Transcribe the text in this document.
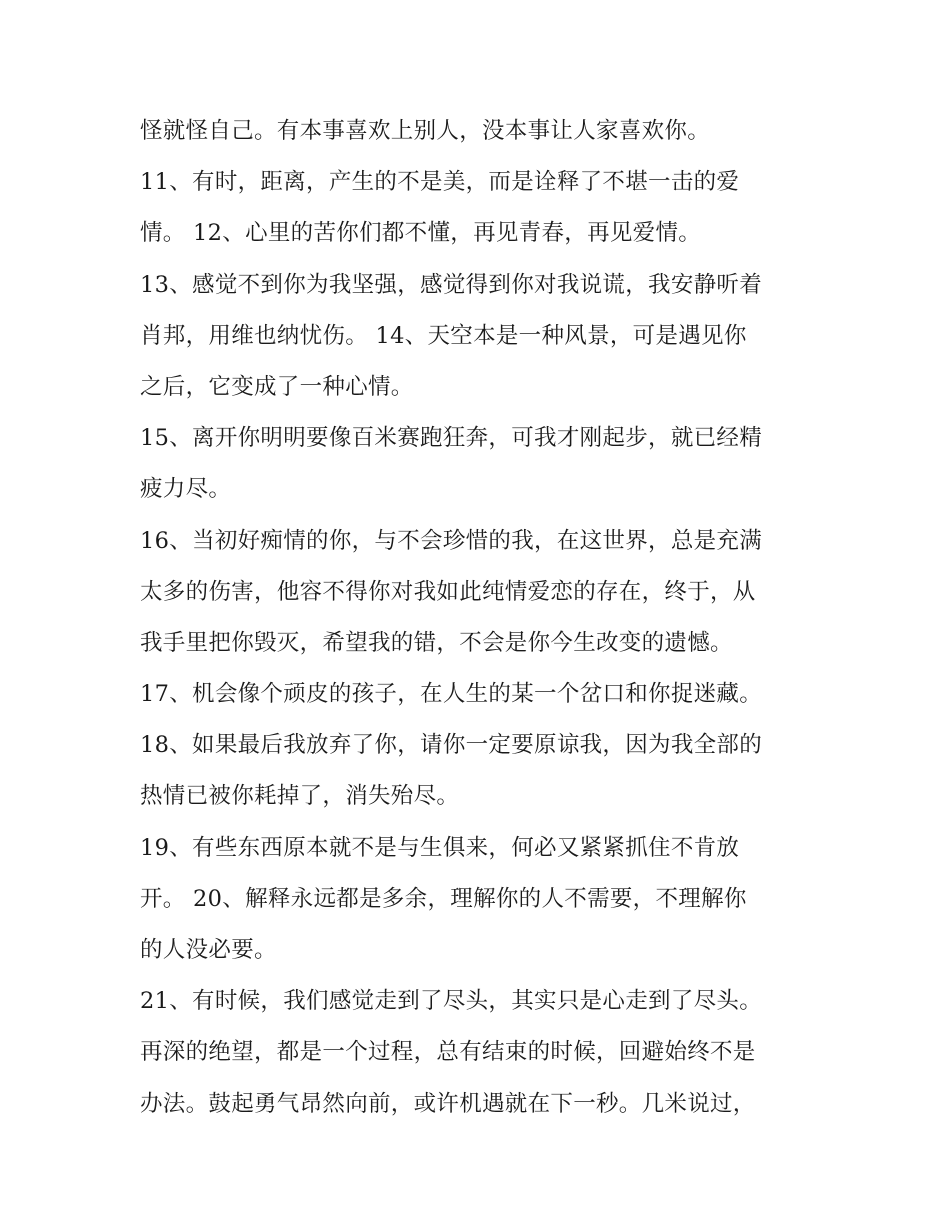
怪就怪自己。有本事喜欢上别人，没本事让人家喜欢你。
11、有时，距离，产生的不是美，而是诠释了不堪一击的爱
情。 12、心里的苦你们都不懂，再见青春，再见爱情。
13、感觉不到你为我坚强，感觉得到你对我说谎，我安静听着
肖邦，用维也纳忧伤。 14、天空本是一种风景，可是遇见你
之后，它变成了一种心情。
15、离开你明明要像百米赛跑狂奔，可我才刚起步，就已经精
疲力尽。
16、当初好痴情的你，与不会珍惜的我，在这世界，总是充满
太多的伤害，他容不得你对我如此纯情爱恋的存在，终于，从
我手里把你毁灭，希望我的错，不会是你今生改变的遗憾。
17、机会像个顽皮的孩子，在人生的某一个岔口和你捉迷藏。
18、如果最后我放弃了你，请你一定要原谅我，因为我全部的
热情已被你耗掉了，消失殆尽。
19、有些东西原本就不是与生俱来，何必又紧紧抓住不肯放
开。 20、解释永远都是多余，理解你的人不需要，不理解你
的人没必要。
21、有时候，我们感觉走到了尽头，其实只是心走到了尽头。
再深的绝望，都是一个过程，总有结束的时候，回避始终不是
办法。鼓起勇气昂然向前，或许机遇就在下一秒。几米说过，
